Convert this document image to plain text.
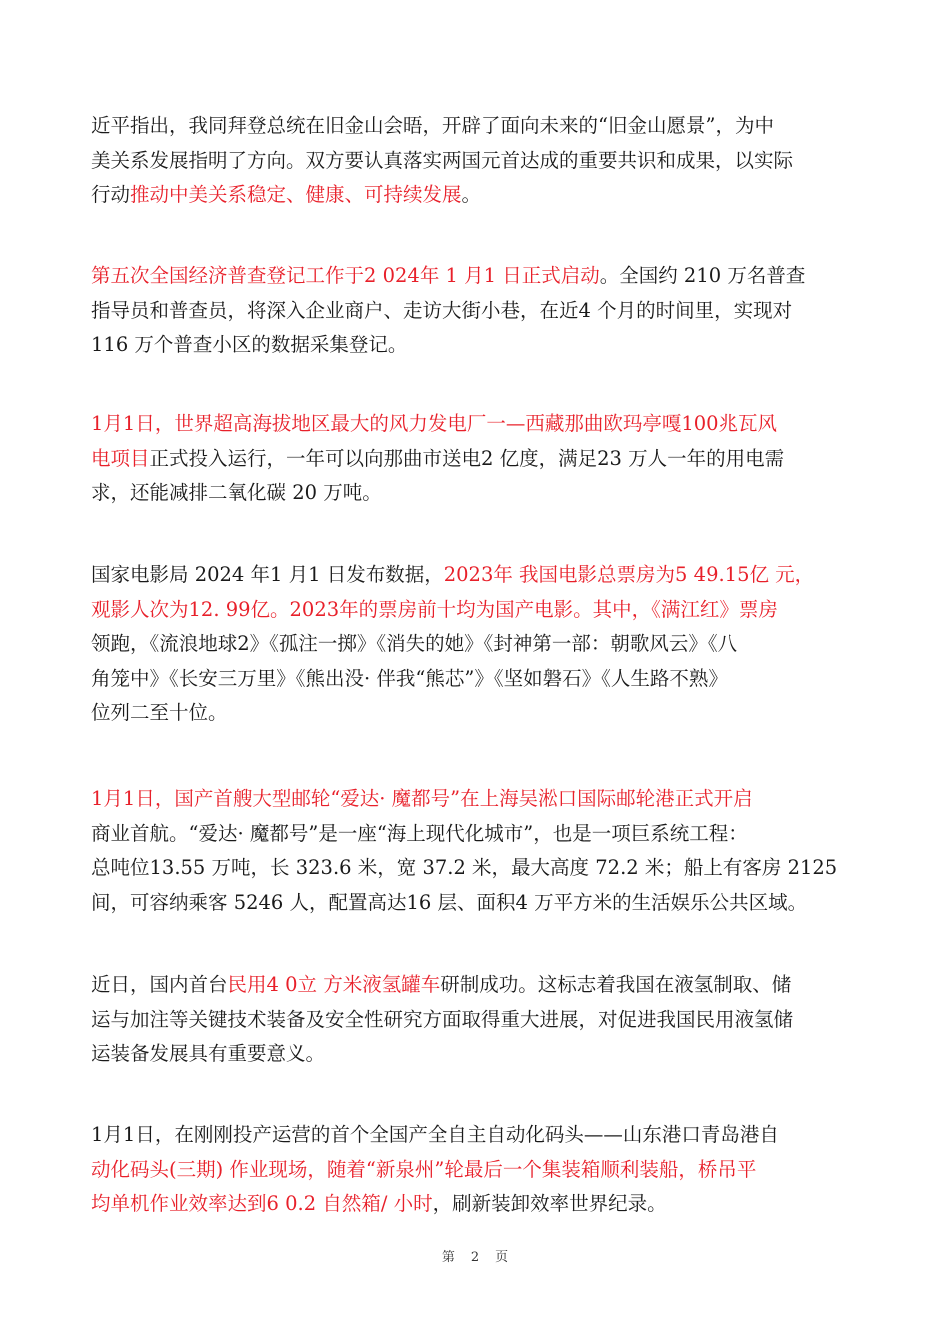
近平指出，我同拜登总统在旧金山会晤，开辟了面向未来的“旧金山愿景”，为中
美关系发展指明了方向。双方要认真落实两国元首达成的重要共识和成果，以实际
行动推动中美关系稳定、健康、可持续发展。
第五次全国经济普查登记工作于2 024年 1 月1 日正式启动。全国约 210 万名普查
指导员和普查员，将深入企业商户、走访大街小巷，在近4 个月的时间里，实现对
116 万个普查小区的数据采集登记。
1月1日，世界超高海拔地区最大的风力发电厂一—西藏那曲欧玛亭嘎100兆瓦风
电项目正式投入运行，一年可以向那曲市送电2 亿度，满足23 万人一年的用电需
求，还能减排二氧化碳 20 万吨。
国家电影局 2024 年1 月1 日发布数据，2023年 我国电影总票房为5 49.15亿 元，
观影人次为12. 99亿。2023年的票房前十均为国产电影。其中，《满江红》票房
领跑，《流浪地球2》《孤注一掷》《消失的她》《封神第一部：朝歌风云》《八
角笼中》《长安三万里》《熊出没· 伴我“熊芯”》《坚如磐石》《人生路不熟》
位列二至十位。
1月1日，国产首艘大型邮轮“爱达· 魔都号”在上海吴淞口国际邮轮港正式开启
商业首航。“爱达· 魔都号”是一座“海上现代化城市”，也是一项巨系统工程：
总吨位13.55 万吨，长 323.6 米，宽 37.2 米，最大高度 72.2 米；船上有客房 2125
间，可容纳乘客 5246 人，配置高达16 层、面积4 万平方米的生活娱乐公共区域。
近日，国内首台民用4 0立 方米液氢罐车研制成功。这标志着我国在液氢制取、储
运与加注等关键技术装备及安全性研究方面取得重大进展，对促进我国民用液氢储
运装备发展具有重要意义。
1月1日，在刚刚投产运营的首个全国产全自主自动化码头——山东港口青岛港自
动化码头(三期) 作业现场，随着“新泉州”轮最后一个集装箱顺利装船，桥吊平
均单机作业效率达到6 0.2 自然箱/ 小时，刷新装卸效率世界纪录。
第 2 页
